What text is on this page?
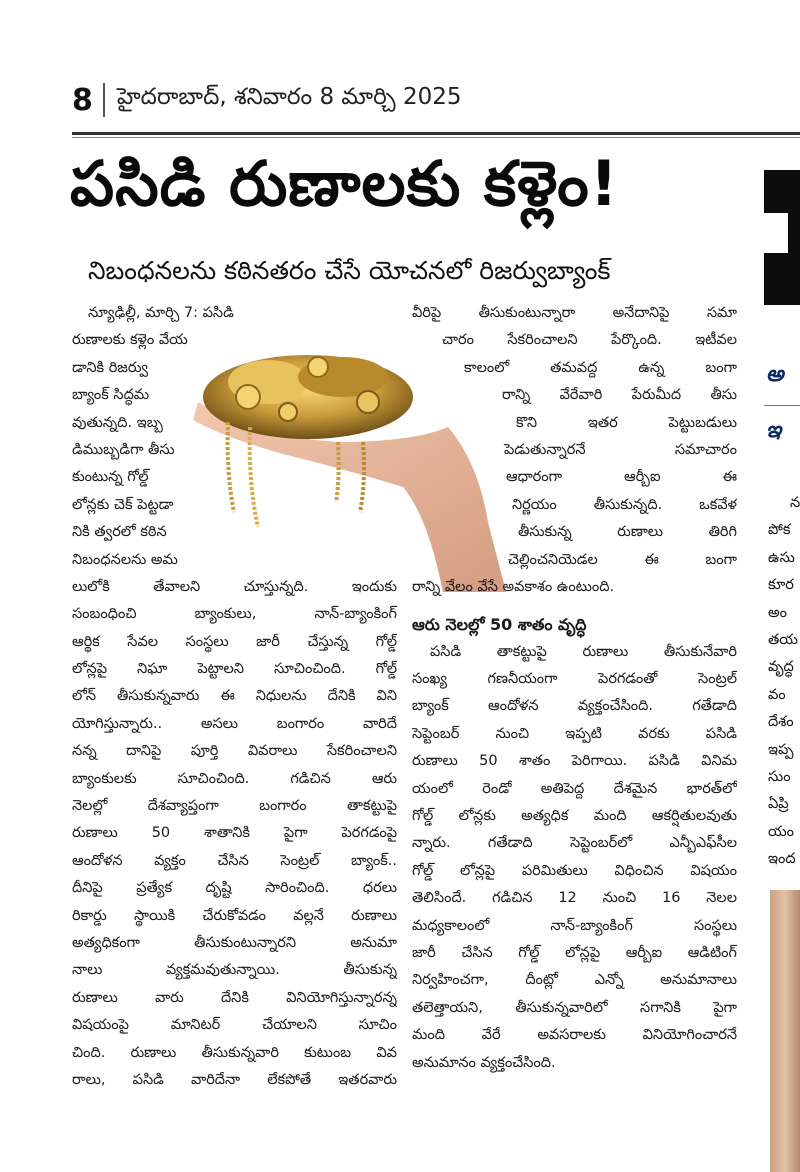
8 హైదరాబాద్, శనివారం 8 మార్చి 2025
పసిడి రుణాలకు కళ్లెం!
నిబంధనలను కఠినతరం చేసే యోచనలో రిజర్వుబ్యాంక్
న్యూఢిల్లీ, మార్చి 7: పసిడి
రుణాలకు కళ్లెం వేయ
డానికి రిజర్వు
బ్యాంక్ సిద్ధమ
వుతున్నది. ఇబ్బ
డిముబ్బడిగా తీసు
కుంటున్న గోల్డ్
లోన్లకు చెక్ పెట్టడా
నికి త్వరలో కఠిన
నిబంధనలను అమ
లులోకి తేవాలని చూస్తున్నది. ఇందుకు
సంబంధించి బ్యాంకులు, నాన్-బ్యాంకింగ్
ఆర్థిక సేవల సంస్థలు జారీ చేస్తున్న గోల్డ్
లోన్లపై నిఘా పెట్టాలని సూచించింది. గోల్డ్
లోన్ తీసుకున్నవారు ఈ నిధులను దేనికి విని
యోగిస్తున్నారు.. అసలు బంగారం వారిదే
నన్న దానిపై పూర్తి వివరాలు సేకరించాలని
బ్యాంకులకు సూచించింది. గడిచిన ఆరు
నెలల్లో దేశవ్యాప్తంగా బంగారం తాకట్టుపై
రుణాలు 50 శాతానికి పైగా పెరగడంపై
ఆందోళన వ్యక్తం చేసిన సెంట్రల్ బ్యాంక్..
దీనిపై ప్రత్యేక దృష్టి సారించింది. ధరలు
రికార్డు స్థాయికి చేరుకోవడం వల్లనే రుణాలు
అత్యధికంగా తీసుకుంటున్నారని అనుమా
నాలు వ్యక్తమవుతున్నాయి. తీసుకున్న
రుణాలు వారు దేనికి వినియోగిస్తున్నారన్న
విషయంపై మానిటర్ చేయాలని సూచిం
చింది. రుణాలు తీసుకున్నవారి కుటుంబ వివ
రాలు, పసిడి వారిదేనా లేకపోతే ఇతరవారు
వీరిపై తీసుకుంటున్నారా అనేదానిపై సమా
చారం సేకరించాలని పేర్కొంది. ఇటీవల
కాలంలో తమవద్ద ఉన్న బంగా
రాన్ని వేరేవారి పేరుమీద తీసు
కొని ఇతర పెట్టుబడులు
పెడుతున్నారనే సమాచారం
ఆధారంగా ఆర్బీఐ ఈ
నిర్ణయం తీసుకున్నది. ఒకవేళ
తీసుకున్న రుణాలు తిరిగి
చెల్లించనియెడల ఈ బంగా
రాన్ని వేలం వేసే అవకాశం ఉంటుంది.
ఆరు నెలల్లో 50 శాతం వృద్ధి
పసిడి తాకట్టుపై రుణాలు తీసుకునేవారి
సంఖ్య గణనీయంగా పెరగడంతో సెంట్రల్
బ్యాంక్ ఆందోళన వ్యక్తంచేసింది. గతేడాది
సెప్టెంబర్ నుంచి ఇప్పటి వరకు పసిడి
రుణాలు 50 శాతం పెరిగాయి. పసిడి వినిమ
యంలో రెండో అతిపెద్ద దేశమైన భారత్‌లో
గోల్డ్ లోన్లకు అత్యధిక మంది ఆకర్షితులవుతు
న్నారు. గతేడాది సెప్టెంబర్‌లో ఎన్బీఎఫ్‌సీల
గోల్డ్ లోన్లపై పరిమితులు విధించిన విషయం
తెలిసిందే. గడిచిన 12 నుంచి 16 నెలల
మధ్యకాలంలో నాన్-బ్యాంకింగ్ సంస్థలు
జారీ చేసిన గోల్డ్ లోన్లపై ఆర్బీఐ ఆడిటింగ్
నిర్వహించగా, దీంట్లో ఎన్నో అనుమానాలు
తలెత్తాయని, తీసుకున్నవారిలో సగానికి పైగా
మంది వేరే అవసరాలకు వినియోగించారనే
అనుమానం వ్యక్తంచేసింది.
అ
ఇ
న
పోక
ఉసు
కూర
అం
తయ
వృద్ధ
వం
దేశం
ఇప్ప
సుం
ఏప్రి
యం
ఇంద
